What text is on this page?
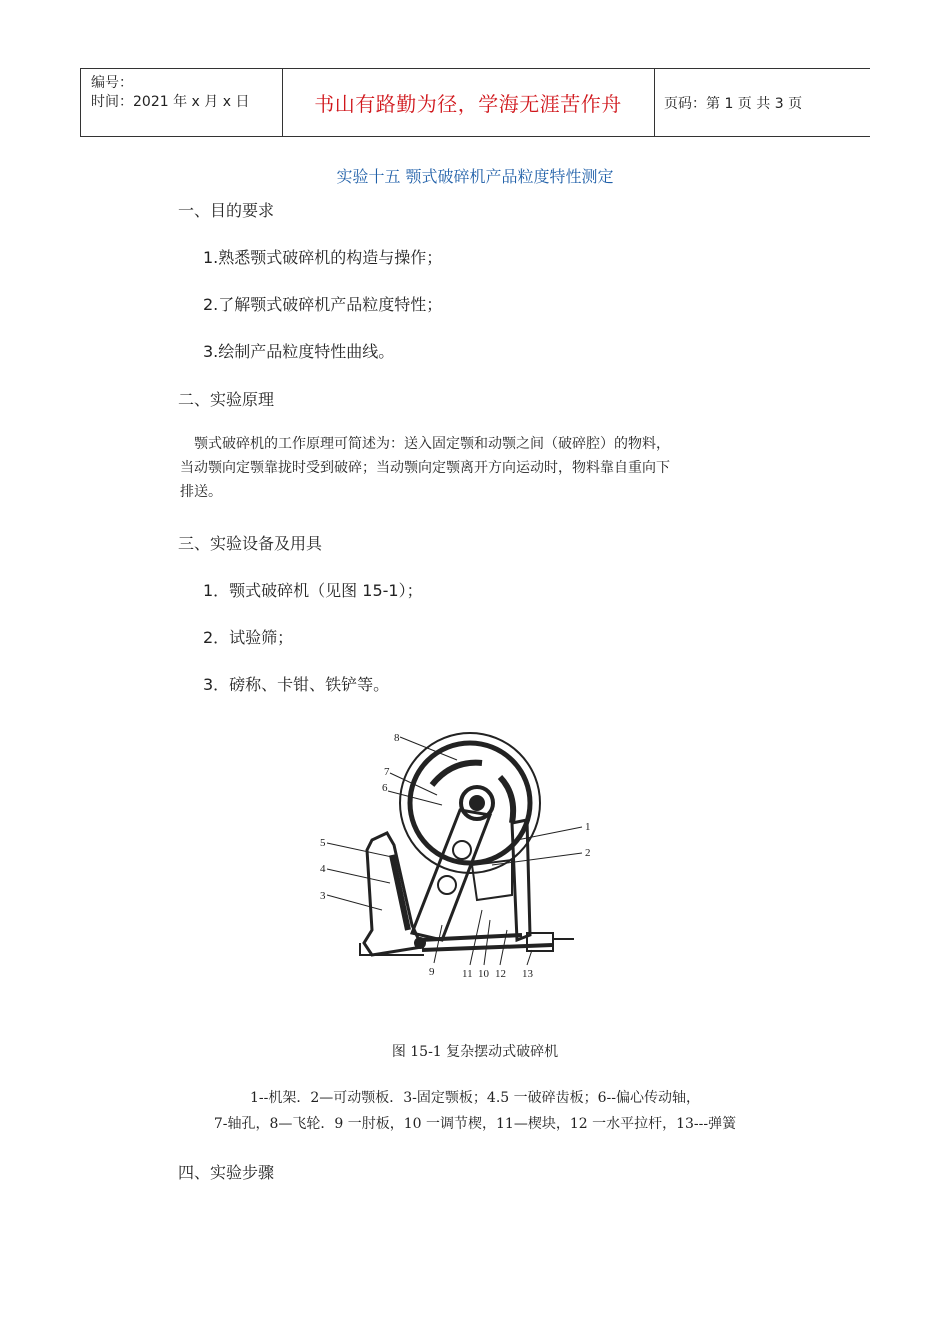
编号：
时间：2021 年 x 月 x 日	书山有路勤为径，学海无涯苦作舟	页码：第 1 页 共 3 页
实验十五 颚式破碎机产品粒度特性测定
一、目的要求
1.熟悉颚式破碎机的构造与操作；
2.了解颚式破碎机产品粒度特性；
3.绘制产品粒度特性曲线。
二、实验原理
颚式破碎机的工作原理可简述为：送入固定颚和动颚之间（破碎腔）的物料，
当动颚向定颚靠拢时受到破碎；当动颚向定颚离开方向运动时，物料靠自重向下
排送。
三、实验设备及用具
1．颚式破碎机（见图 15-1）；
2．试验筛；
3．磅称、卡钳、铁铲等。
8
7
6
1
2
5
4
3
9	11 10 12 13
图 15-1 复杂摆动式破碎机
1--机架．2—可动颚板．3-固定颚板；4.5 一破碎齿板；6--偏心传动轴，
7-轴孔，8—飞轮．9 一肘板，10 一调节楔，11—楔块，12 一水平拉杆，13---弹簧
四、实验步骤
